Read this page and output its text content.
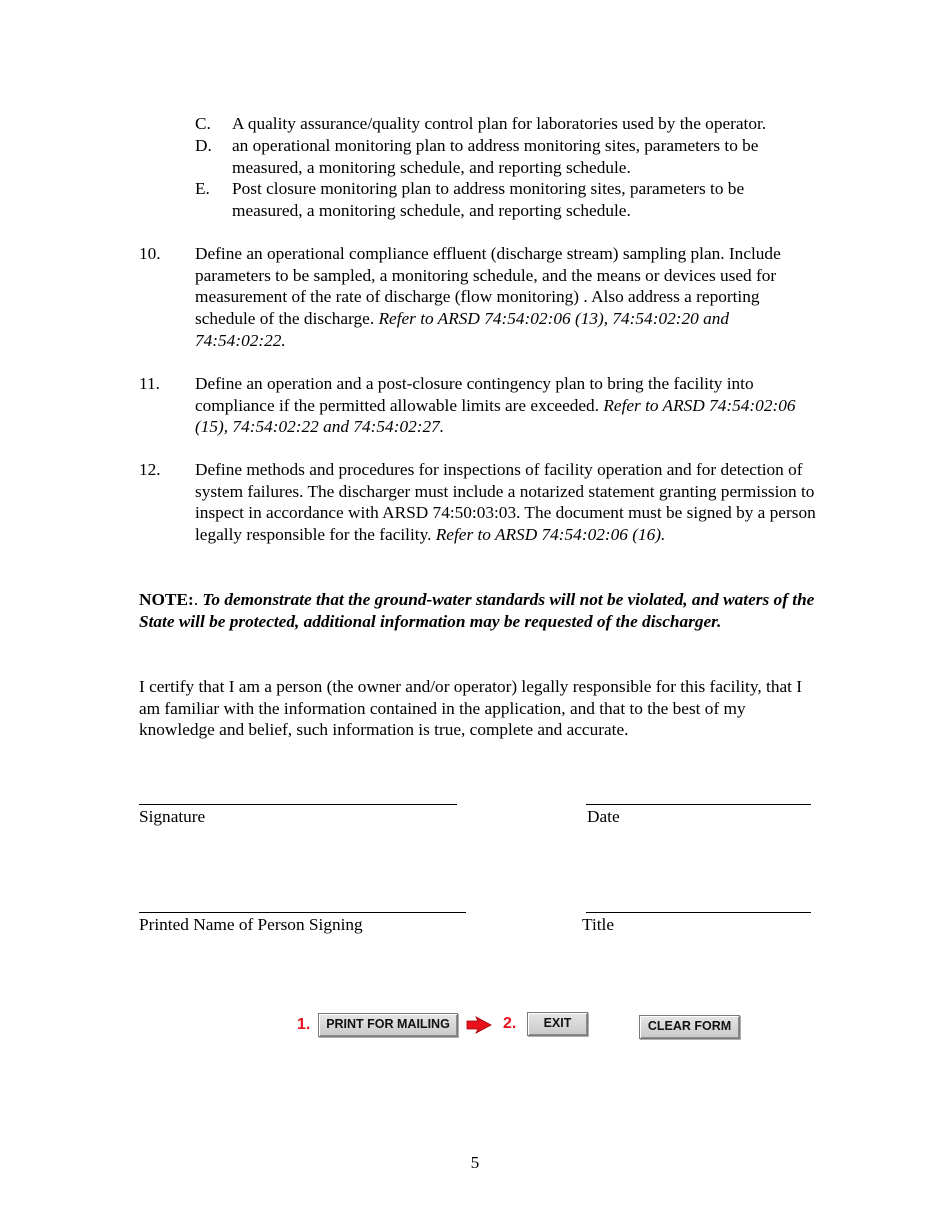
C. A quality assurance/quality control plan for laboratories used by the operator.
D. an operational monitoring plan to address monitoring sites, parameters to be
measured, a monitoring schedule, and reporting schedule.
E. Post closure monitoring plan to address monitoring sites, parameters to be
measured, a monitoring schedule, and reporting schedule.
10. Define an operational compliance effluent (discharge stream) sampling plan. Include parameters to be sampled, a monitoring schedule, and the means or devices used for measurement of the rate of discharge (flow monitoring) . Also address a reporting schedule of the discharge. Refer to ARSD 74:54:02:06 (13), 74:54:02:20 and 74:54:02:22.
11. Define an operation and a post-closure contingency plan to bring the facility into compliance if the permitted allowable limits are exceeded. Refer to ARSD 74:54:02:06 (15), 74:54:02:22 and 74:54:02:27.
12. Define methods and procedures for inspections of facility operation and for detection of system failures. The discharger must include a notarized statement granting permission to inspect in accordance with ARSD 74:50:03:03. The document must be signed by a person legally responsible for the facility. Refer to ARSD 74:54:02:06 (16).
NOTE:. To demonstrate that the ground-water standards will not be violated, and waters of the State will be protected, additional information may be requested of the discharger.
I certify that I am a person (the owner and/or operator) legally responsible for this facility, that I am familiar with the information contained in the application, and that to the best of my knowledge and belief, such information is true, complete and accurate.
Signature	Date
Printed Name of Person Signing	Title
1.	PRINT FOR MAILING	2.	EXIT	CLEAR FORM
5
